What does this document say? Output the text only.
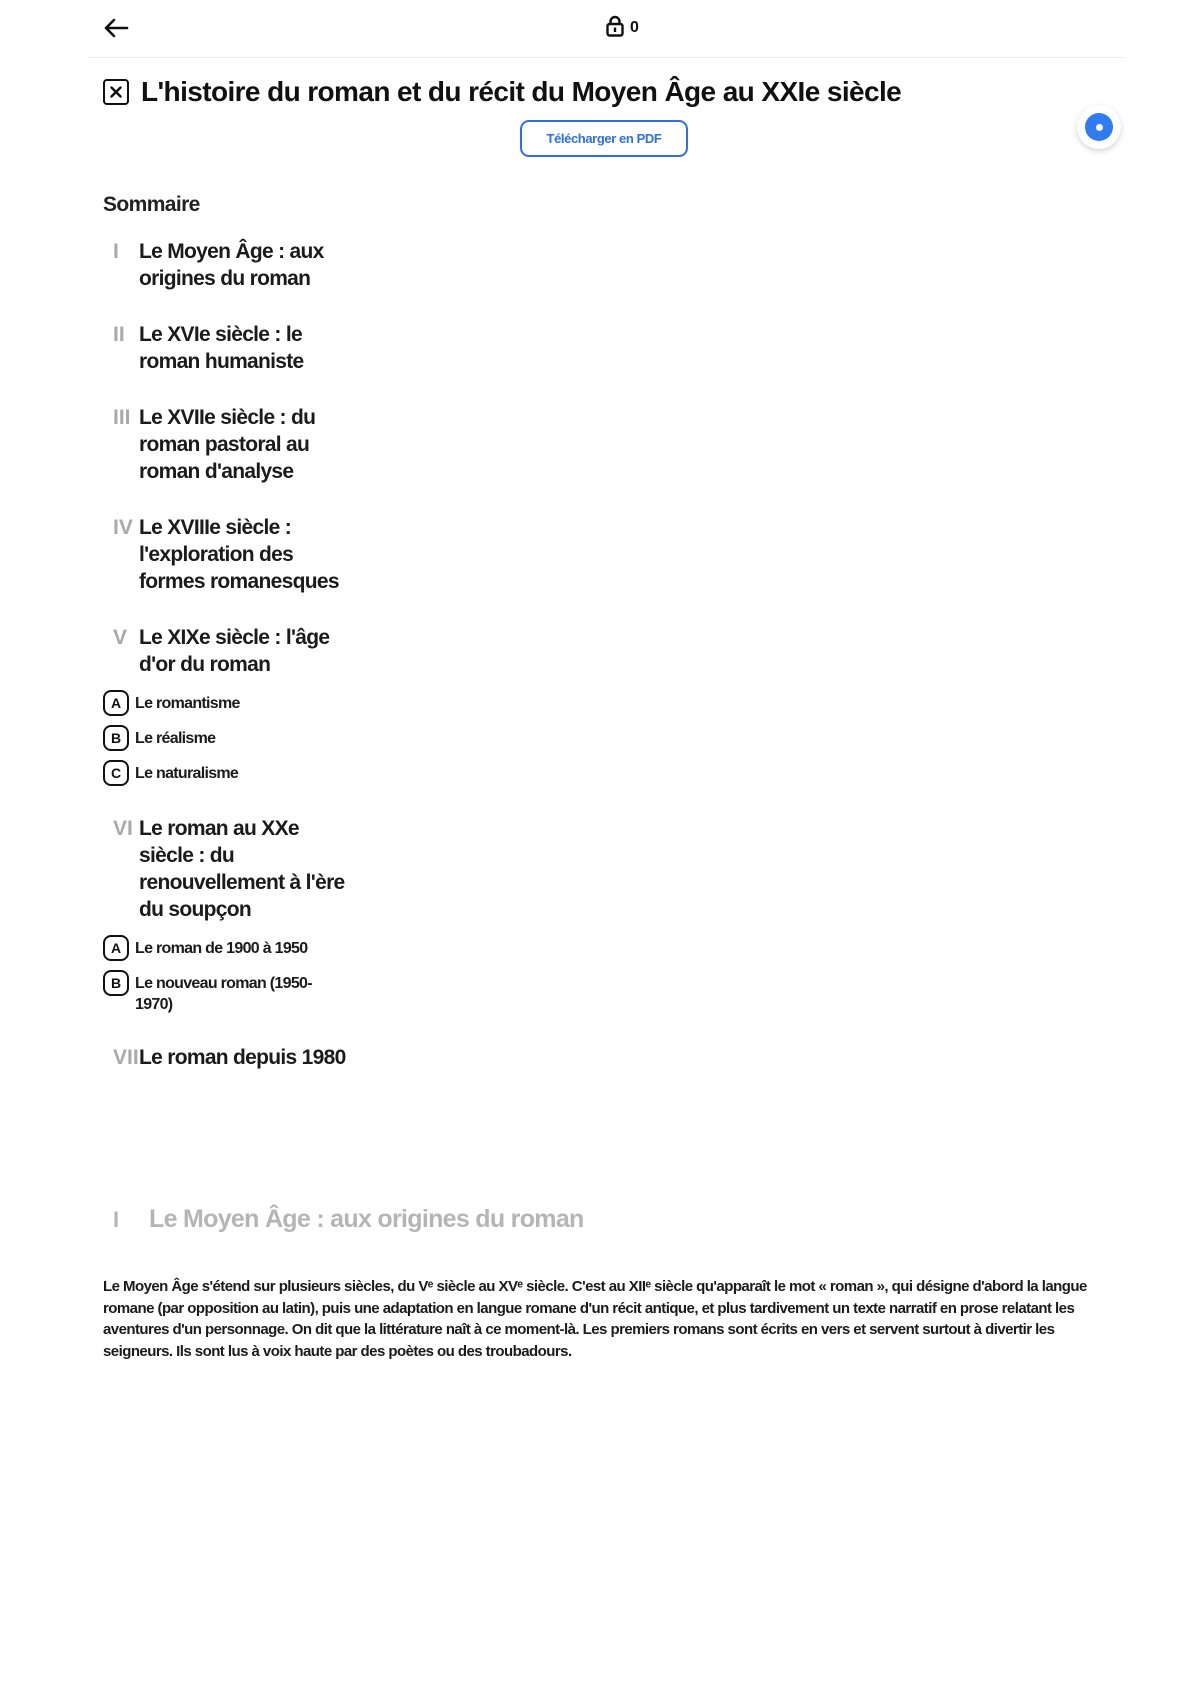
0
L'histoire du roman et du récit du Moyen Âge au XXIe siècle
Télécharger en PDF
Sommaire
I Le Moyen Âge : aux origines du roman
II Le XVIe siècle : le roman humaniste
III Le XVIIe siècle : du roman pastoral au roman d'analyse
IV Le XVIIIe siècle : l'exploration des formes romanesques
V Le XIXe siècle : l'âge d'or du roman
A Le romantisme
B Le réalisme
C Le naturalisme
VI Le roman au XXe siècle : du renouvellement à l'ère du soupçon
A Le roman de 1900 à 1950
B Le nouveau roman (1950-1970)
VII Le roman depuis 1980
I	Le Moyen Âge : aux origines du roman

Le Moyen Âge s'étend sur plusieurs siècles, du Vᵉ siècle au XVᵉ siècle. C'est au XIIᵉ siècle qu'apparaît le mot « roman », qui désigne d'abord la langue romane (par opposition au latin), puis une adaptation en langue romane d'un récit antique, et plus tardivement un texte narratif en prose relatant les aventures d'un personnage. On dit que la littérature naît à ce moment-là. Les premiers romans sont écrits en vers et servent surtout à divertir les seigneurs. Ils sont lus à voix haute par des poètes ou des troubadours.
